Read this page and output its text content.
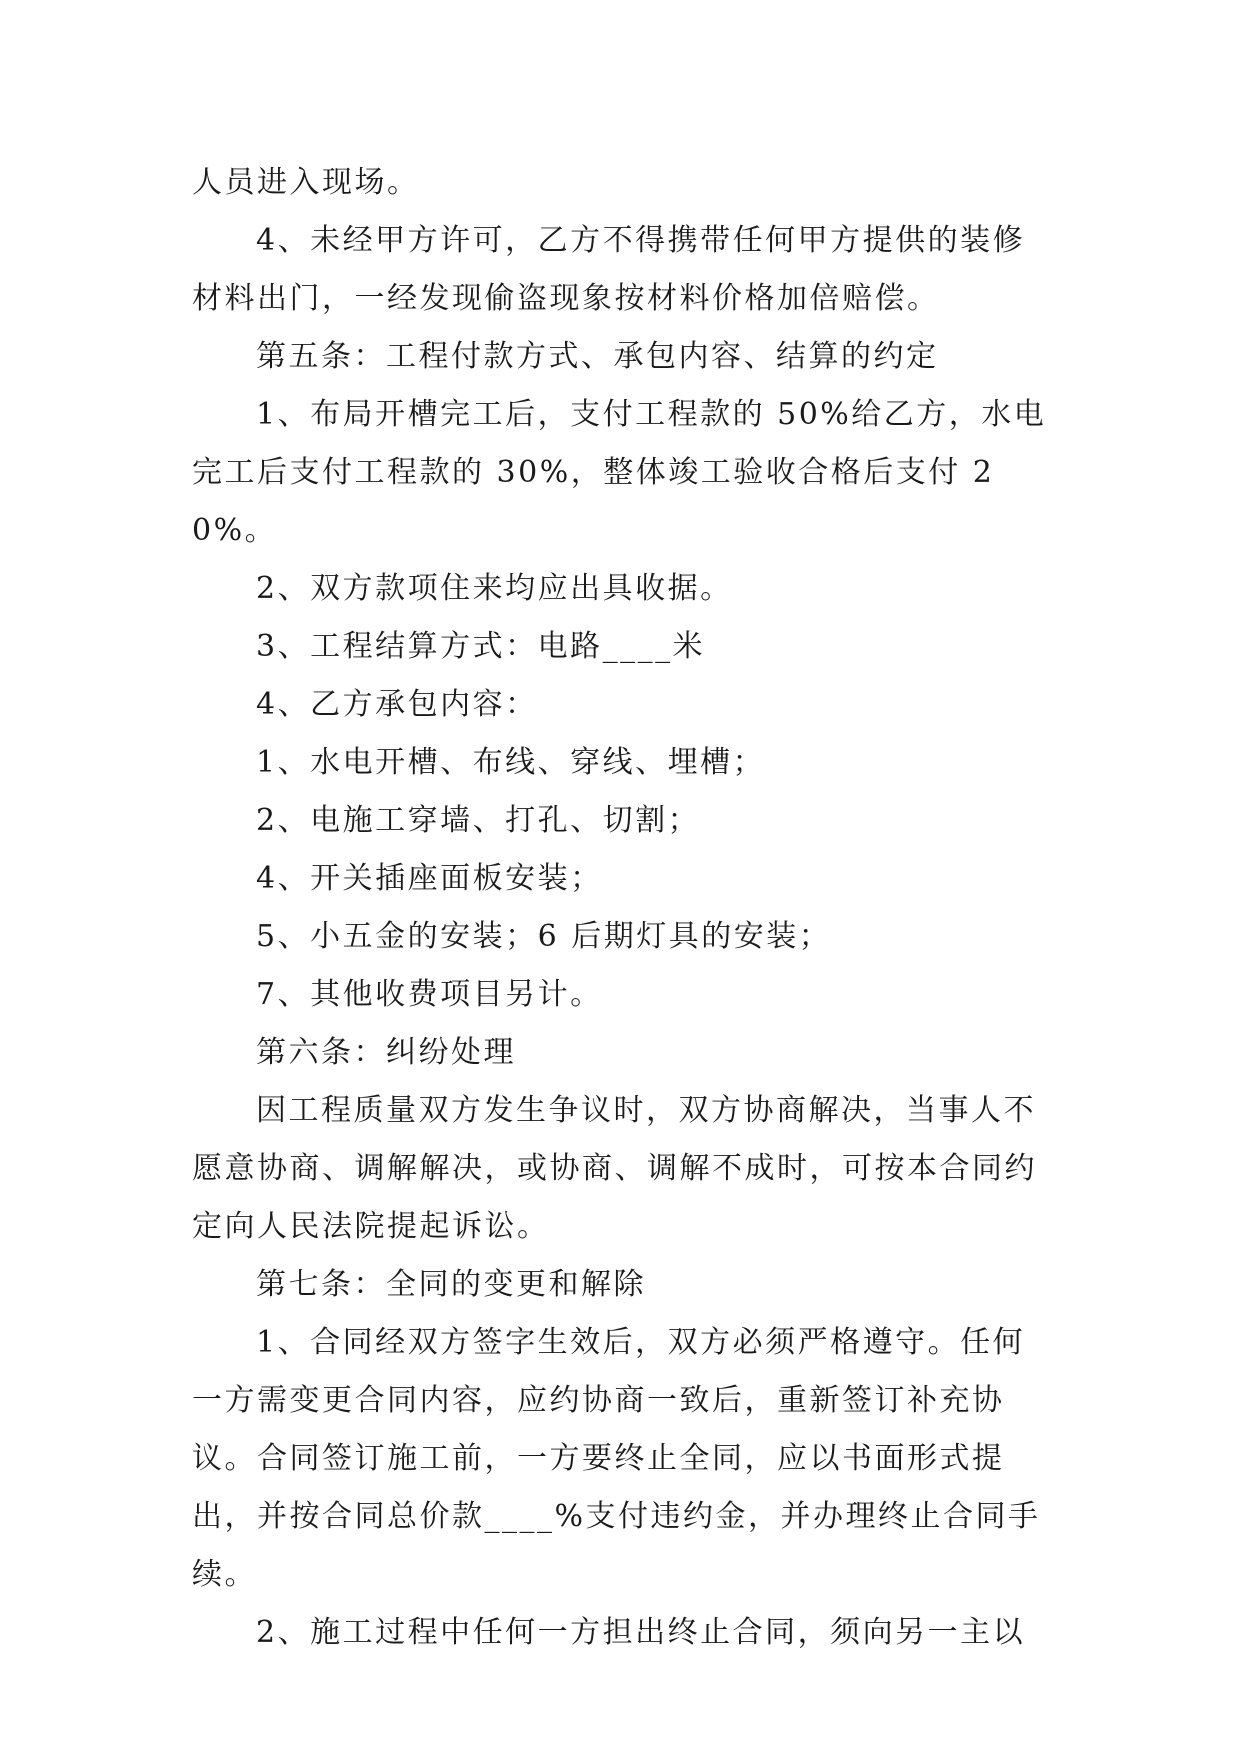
人员进入现场。

4、未经甲方许可，乙方不得携带任何甲方提供的装修材料出门，一经发现偷盗现象按材料价格加倍赔偿。

第五条：工程付款方式、承包内容、结算的约定

1、布局开槽完工后，支付工程款的 50%给乙方，水电完工后支付工程款的 30%，整体竣工验收合格后支付 20%。

2、双方款项住来均应出具收据。

3、工程结算方式：电路____米

4、乙方承包内容：

1、水电开槽、布线、穿线、埋槽；

2、电施工穿墙、打孔、切割；

4、开关插座面板安装；

5、小五金的安装；6 后期灯具的安装；

7、其他收费项目另计。

第六条：纠纷处理

因工程质量双方发生争议时，双方协商解决，当事人不愿意协商、调解解决，或协商、调解不成时，可按本合同约定向人民法院提起诉讼。

第七条：全同的变更和解除

1、合同经双方签字生效后，双方必须严格遵守。任何一方需变更合同内容，应约协商一致后，重新签订补充协议。合同签订施工前，一方要终止全同，应以书面形式提出，并按合同总价款____%支付违约金，并办理终止合同手续。

2、施工过程中任何一方担出终止合同，须向另一主以
